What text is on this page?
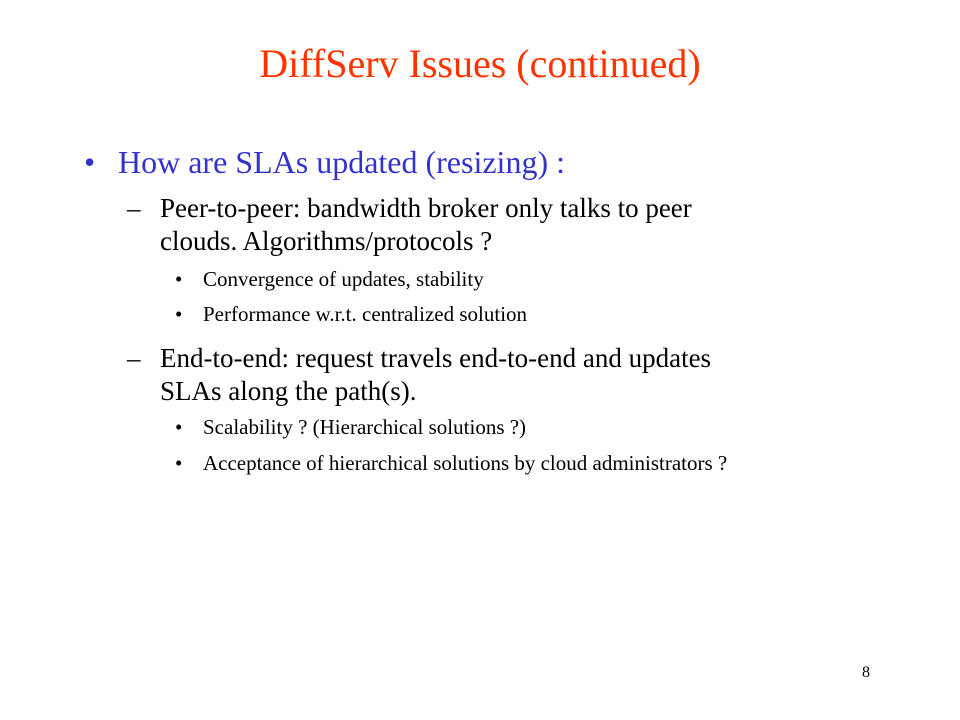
DiffServ Issues (continued)
• How are SLAs updated (resizing) :
– Peer-to-peer: bandwidth broker only talks to peer
clouds. Algorithms/protocols ?
• Convergence of updates, stability
• Performance w.r.t. centralized solution
– End-to-end: request travels end-to-end and updates
SLAs along the path(s).
• Scalability ? (Hierarchical solutions ?)
• Acceptance of hierarchical solutions by cloud administrators ?
8
